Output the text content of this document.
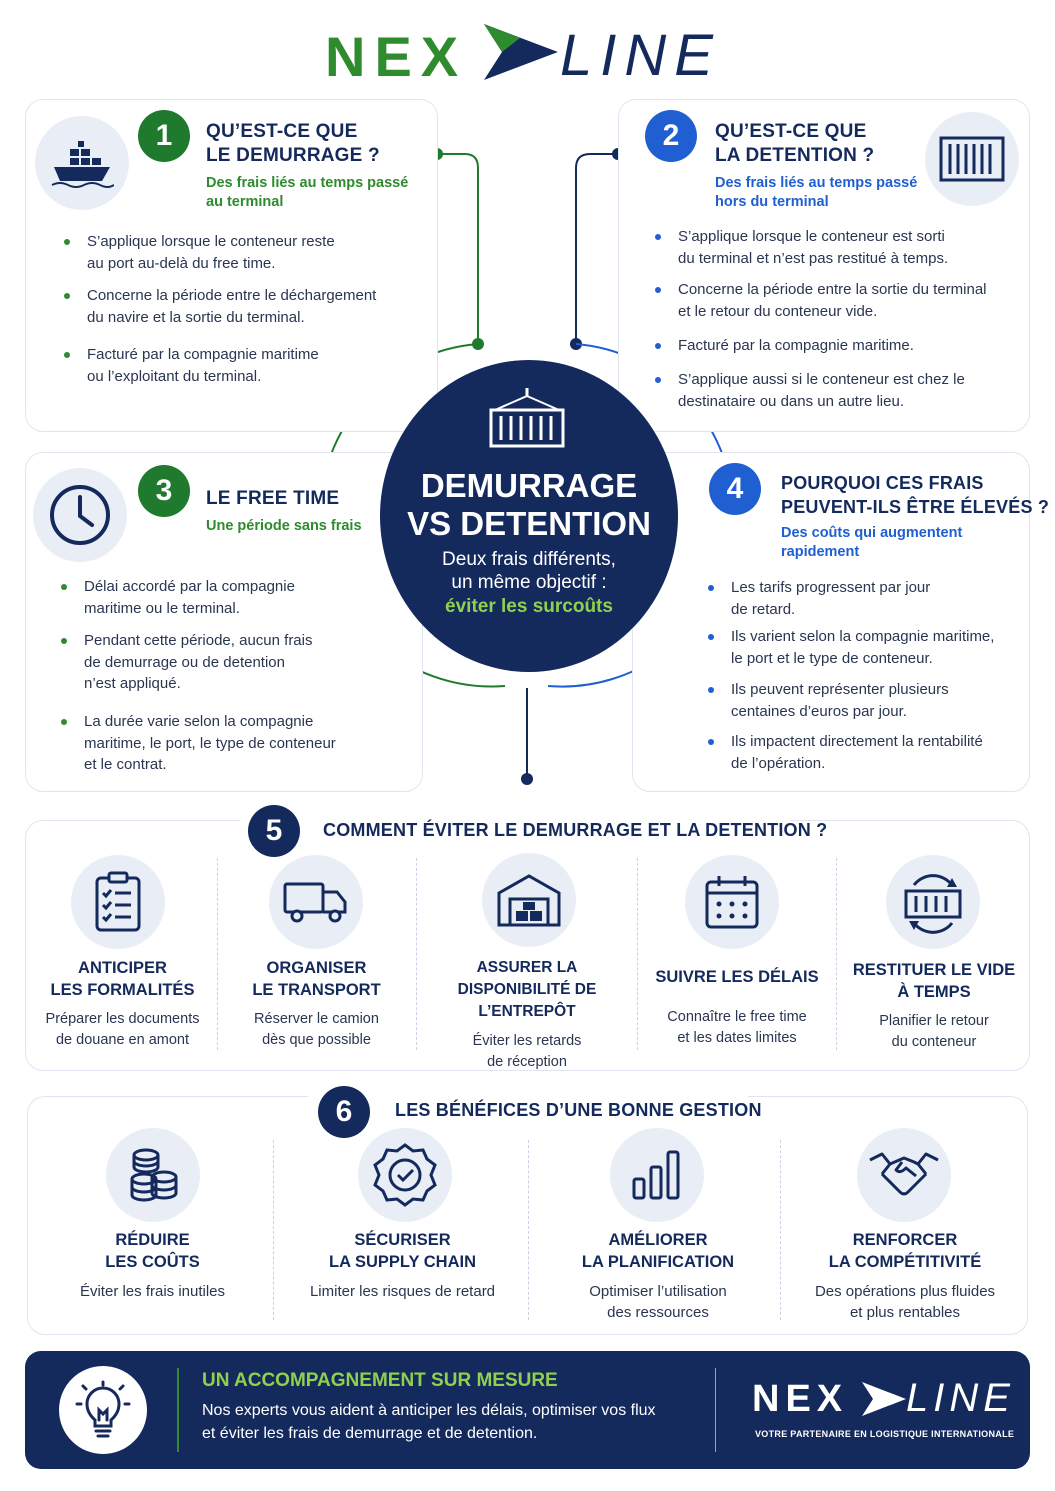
NEX LINE
1	QU’EST-CE QUE
LE DEMURRAGE ?
Des frais liés au temps passé
au terminal
S’applique lorsque le conteneur reste
au port au-delà du free time.
Concerne la période entre le déchargement
du navire et la sortie du terminal.
Facturé par la compagnie maritime
ou l’exploitant du terminal.
2	QU’EST-CE QUE
LA DETENTION ?
Des frais liés au temps passé
hors du terminal
S’applique lorsque le conteneur est sorti
du terminal et n’est pas restitué à temps.
Concerne la période entre la sortie du terminal
et le retour du conteneur vide.
Facturé par la compagnie maritime.
S’applique aussi si le conteneur est chez le
destinataire ou dans un autre lieu.
3	LE FREE TIME
Une période sans frais
Délai accordé par la compagnie
maritime ou le terminal.
Pendant cette période, aucun frais
de demurrage ou de detention
n’est appliqué.
La durée varie selon la compagnie
maritime, le port, le type de conteneur
et le contrat.
4	POURQUOI CES FRAIS
PEUVENT-ILS ÊTRE ÉLEVÉS ?
Des coûts qui augmentent
rapidement
Les tarifs progressent par jour
de retard.
Ils varient selon la compagnie maritime,
le port et le type de conteneur.
Ils peuvent représenter plusieurs
centaines d’euros par jour.
Ils impactent directement la rentabilité
de l’opération.
DEMURRAGE
VS DETENTION
Deux frais différents,
un même objectif :
éviter les surcoûts
5	COMMENT ÉVITER LE DEMURRAGE ET LA DETENTION ?
ANTICIPER
LES FORMALITÉS
Préparer les documents
de douane en amont
ORGANISER
LE TRANSPORT
Réserver le camion
dès que possible
ASSURER LA
DISPONIBILITÉ DE L’ENTREPÔT
Éviter les retards
de réception
SUIVRE LES DÉLAIS
Connaître le free time
et les dates limites
RESTITUER LE VIDE
À TEMPS
Planifier le retour
du conteneur
6	LES BÉNÉFICES D’UNE BONNE GESTION
RÉDUIRE
LES COÛTS
Éviter les frais inutiles
SÉCURISER
LA SUPPLY CHAIN
Limiter les risques de retard
AMÉLIORER
LA PLANIFICATION
Optimiser l’utilisation
des ressources
RENFORCER
LA COMPÉTITIVITÉ
Des opérations plus fluides
et plus rentables
UN ACCOMPAGNEMENT SUR MESURE
Nos experts vous aident à anticiper les délais, optimiser vos flux
et éviter les frais de demurrage et de detention.
NEX LINE
VOTRE PARTENAIRE EN LOGISTIQUE INTERNATIONALE
